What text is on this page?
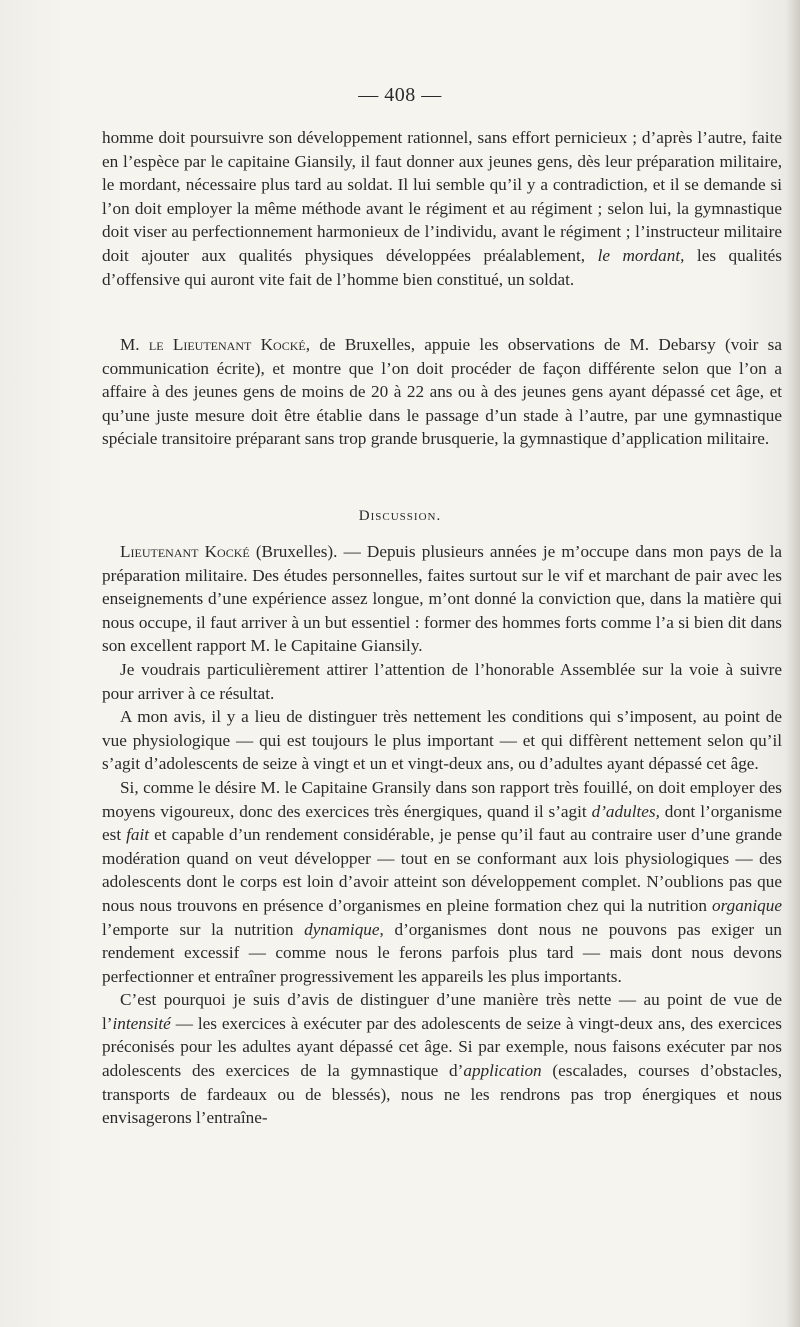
— 408 —

homme doit poursuivre son développement rationnel, sans effort pernicieux ; d’après l’autre, faite en l’espèce par le capitaine Giansily, il faut donner aux jeunes gens, dès leur préparation militaire, le mordant, nécessaire plus tard au soldat. Il lui semble qu’il y a contradiction, et il se demande si l’on doit employer la même méthode avant le régiment et au régiment ; selon lui, la gymnastique doit viser au perfectionnement harmonieux de l’individu, avant le régiment ; l’instructeur militaire doit ajouter aux qualités physiques développées préalablement, le mordant, les qualités d’offensive qui auront vite fait de l’homme bien constitué, un soldat.

M. le Lieutenant Kocké, de Bruxelles, appuie les observations de M. Debarsy (voir sa communication écrite), et montre que l’on doit procéder de façon différente selon que l’on a affaire à des jeunes gens de moins de 20 à 22 ans ou à des jeunes gens ayant dépassé cet âge, et qu’une juste mesure doit être établie dans le passage d’un stade à l’autre, par une gymnastique spéciale transitoire préparant sans trop grande brusquerie, la gymnastique d’application militaire.

Discussion.

Lieutenant Kocké (Bruxelles). — Depuis plusieurs années je m’occupe dans mon pays de la préparation militaire. Des études personnelles, faites surtout sur le vif et marchant de pair avec les enseignements d’une expérience assez longue, m’ont donné la conviction que, dans la matière qui nous occupe, il faut arriver à un but essentiel : former des hommes forts comme l’a si bien dit dans son excellent rapport M. le Capitaine Giansily.

Je voudrais particulièrement attirer l’attention de l’honorable Assemblée sur la voie à suivre pour arriver à ce résultat.

A mon avis, il y a lieu de distinguer très nettement les conditions qui s’imposent, au point de vue physiologique — qui est toujours le plus important — et qui diffèrent nettement selon qu’il s’agit d’adolescents de seize à vingt et un et vingt-deux ans, ou d’adultes ayant dépassé cet âge.

Si, comme le désire M. le Capitaine Gransily dans son rapport très fouillé, on doit employer des moyens vigoureux, donc des exercices très énergiques, quand il s’agit d’adultes, dont l’organisme est fait et capable d’un rendement considérable, je pense qu’il faut au contraire user d’une grande modération quand on veut développer — tout en se conformant aux lois physiologiques — des adolescents dont le corps est loin d’avoir atteint son développement complet. N’oublions pas que nous nous trouvons en présence d’organismes en pleine formation chez qui la nutrition organique l’emporte sur la nutrition dynamique, d’organismes dont nous ne pouvons pas exiger un rendement excessif — comme nous le ferons parfois plus tard — mais dont nous devons perfectionner et entraîner progressivement les appareils les plus importants.

C’est pourquoi je suis d’avis de distinguer d’une manière très nette — au point de vue de l’intensité — les exercices à exécuter par des adolescents de seize à vingt-deux ans, des exercices préconisés pour les adultes ayant dépassé cet âge. Si par exemple, nous faisons exécuter par nos adolescents des exercices de la gymnastique d’application (escalades, courses d’obstacles, transports de fardeaux ou de blessés), nous ne les rendrons pas trop énergiques et nous envisagerons l’entraîne-
